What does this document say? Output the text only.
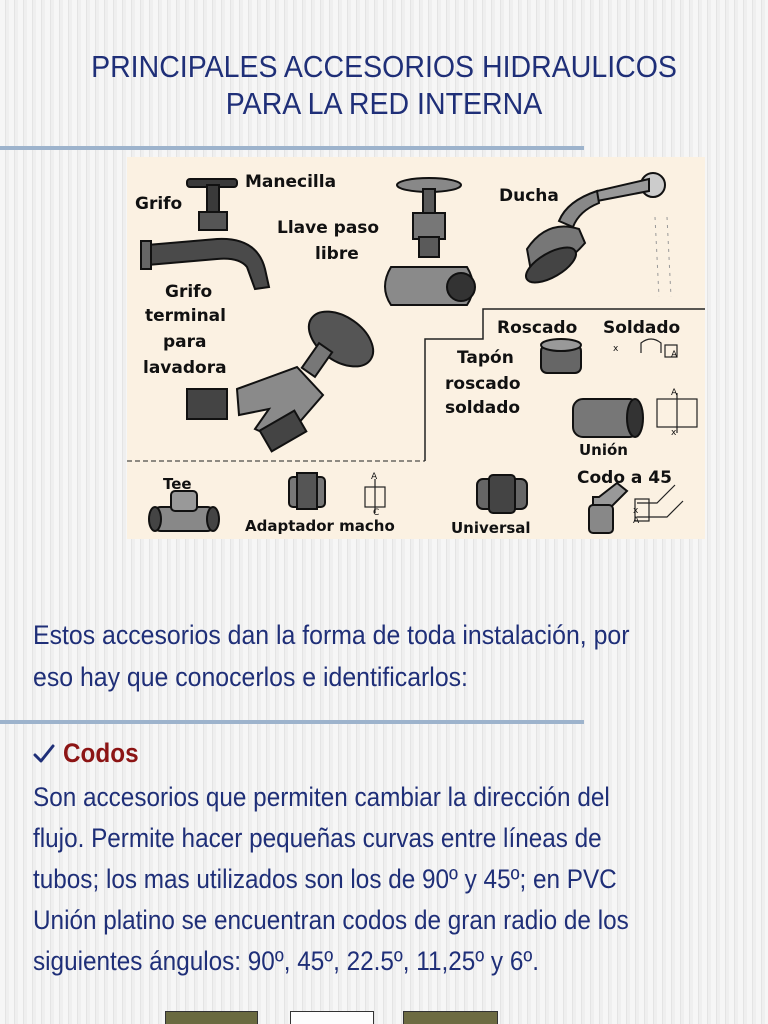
PRINCIPALES ACCESORIOS HIDRAULICOS
PARA LA RED INTERNA
Grifo
Manecilla
Llave paso
libre
Ducha
Grifo
terminal
para
lavadora
Roscado Soldado
Tapón
roscado
soldado
Unión
Codo a 45
Tee
Adaptador macho	Universal
A
A
A
A
C
x
x
x
Estos accesorios dan la forma de toda instalación, por
eso hay que conocerlos e identificarlos:
Codos
Son accesorios que permiten cambiar la dirección del
flujo. Permite hacer pequeñas curvas entre líneas de
tubos; los mas utilizados son los de 90º y 45º; en PVC
Unión platino se encuentran codos de gran radio de los
siguientes ángulos: 90º, 45º, 22.5º, 11,25º y 6º.
